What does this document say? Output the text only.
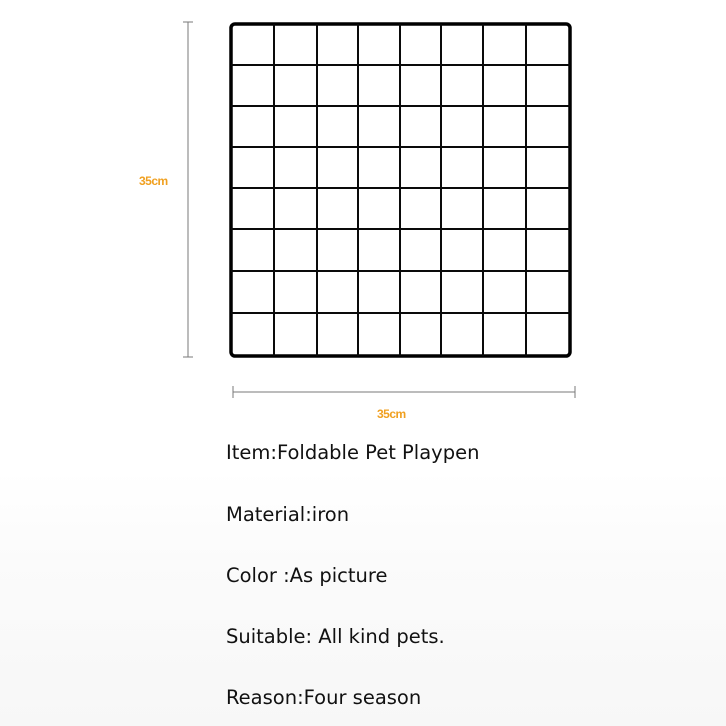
35cm
35cm
Item:Foldable Pet Playpen
Material:iron
Color :As picture
Suitable: All kind pets.
Reason:Four season
